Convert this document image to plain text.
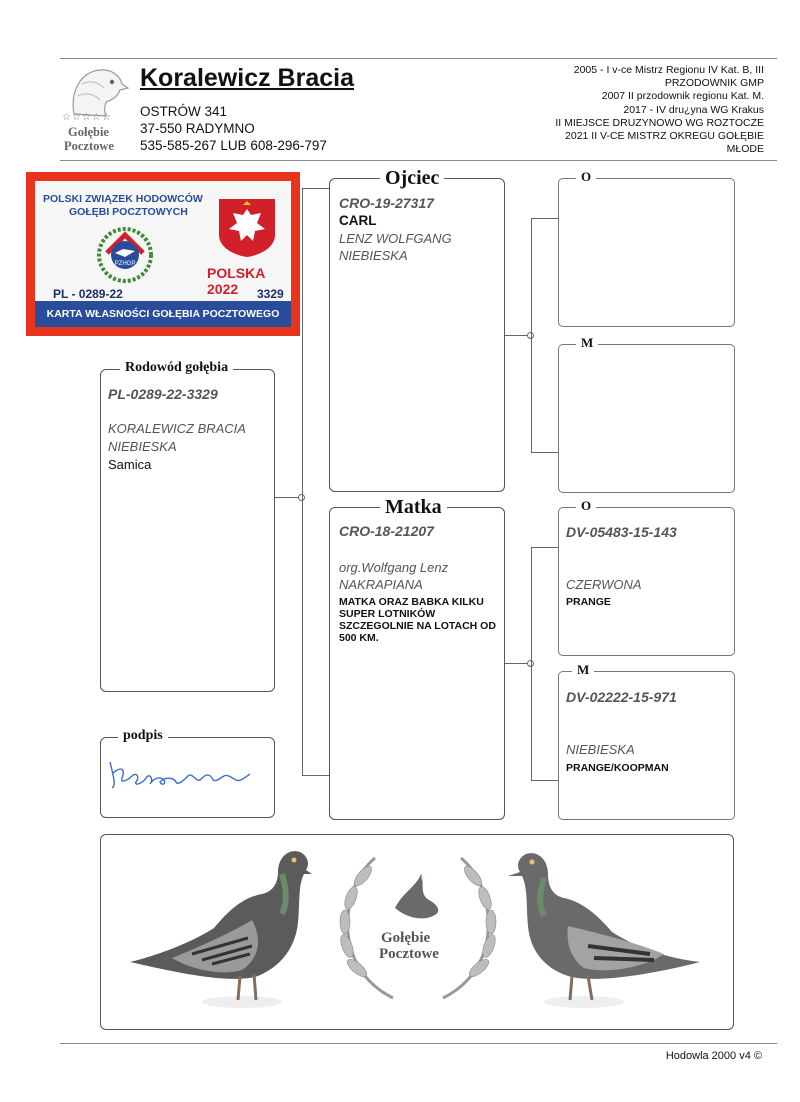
☆☆☆☆☆
Gołębie
Pocztowe
Koralewicz Bracia
OSTRÓW 341
37-550 RADYMNO
535-585-267 LUB 608-296-797
2005 - I v-ce Mistrz Regionu IV Kat. B, III
PRZODOWNIK GMP
2007 II przodownik regionu Kat. M.
2017 - IV dru¿yna WG Krakus
II MIEJSCE DRUZYNOWO WG ROZTOCZE
2021 II V-CE MISTRZ OKREGU GOŁĘBIE
MŁODE
POLSKI ZWIĄZEK HODOWCÓW
GOŁĘBI POCZTOWYCH
PZHGP
POLSKA 2022
PL - 0289-22	3329
KARTA WŁASNOŚCI GOŁĘBIA POCZTOWEGO
Rodowód gołębia
PL-0289-22-3329
KORALEWICZ BRACIA
NIEBIESKA
Samica
podpis
Ojciec
CRO-19-27317
CARL
LENZ WOLFGANG
NIEBIESKA
Matka
CRO-18-21207
org.Wolfgang Lenz
NAKRAPIANA
MATKA ORAZ BABKA KILKU SUPER LOTNIKÓW SZCZEGOLNIE NA LOTACH OD 500 KM.
O
M
O
DV-05483-15-143
CZERWONA
PRANGE
M
DV-02222-15-971
NIEBIESKA
PRANGE/KOOPMAN
Gołębie
Pocztowe
Hodowla 2000 v4 ©
